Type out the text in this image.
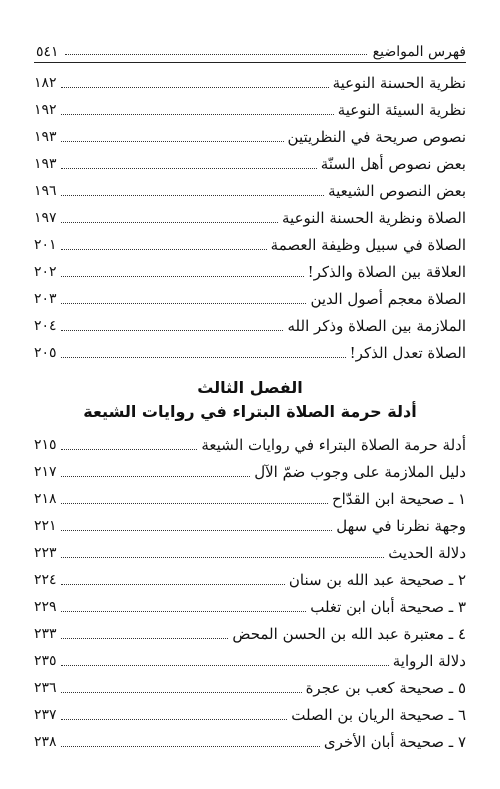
فهرس المواضيع
٥٤١
نظرية الحسنة النوعية
١٨٢
نظرية السيئة النوعية
١٩٢
نصوص صريحة في النظريتين
١٩٣
بعض نصوص أهل السنّة
١٩٣
بعض النصوص الشيعية
١٩٦
الصلاة ونظرية الحسنة النوعية
١٩٧
الصلاة في سبيل وظيفة العصمة
٢٠١
العلاقة بين الصلاة والذكر!
٢٠٢
الصلاة معجم أصول الدين
٢٠٣
الملازمة بين الصلاة وذكر الله
٢٠٤
الصلاة تعدل الذكر!
٢٠٥
الفصل الثالث
أدلة حرمة الصلاة البتراء في روايات الشيعة
أدلة حرمة الصلاة البتراء في روايات الشيعة
٢١٥
دليل الملازمة على وجوب ضمّ الآل
٢١٧
١ ـ صحيحة ابن القدّاح
٢١٨
وجهة نظرنا في سهل
٢٢١
دلالة الحديث
٢٢٣
٢ ـ صحيحة عبد الله بن سنان
٢٢٤
٣ ـ صحيحة أبان ابن تغلب
٢٢٩
٤ ـ معتبرة عبد الله بن الحسن المحض
٢٣٣
دلالة الرواية
٢٣٥
٥ ـ صحيحة كعب بن عجرة
٢٣٦
٦ ـ صحيحة الريان بن الصلت
٢٣٧
٧ ـ صحيحة أبان الأخرى
٢٣٨
